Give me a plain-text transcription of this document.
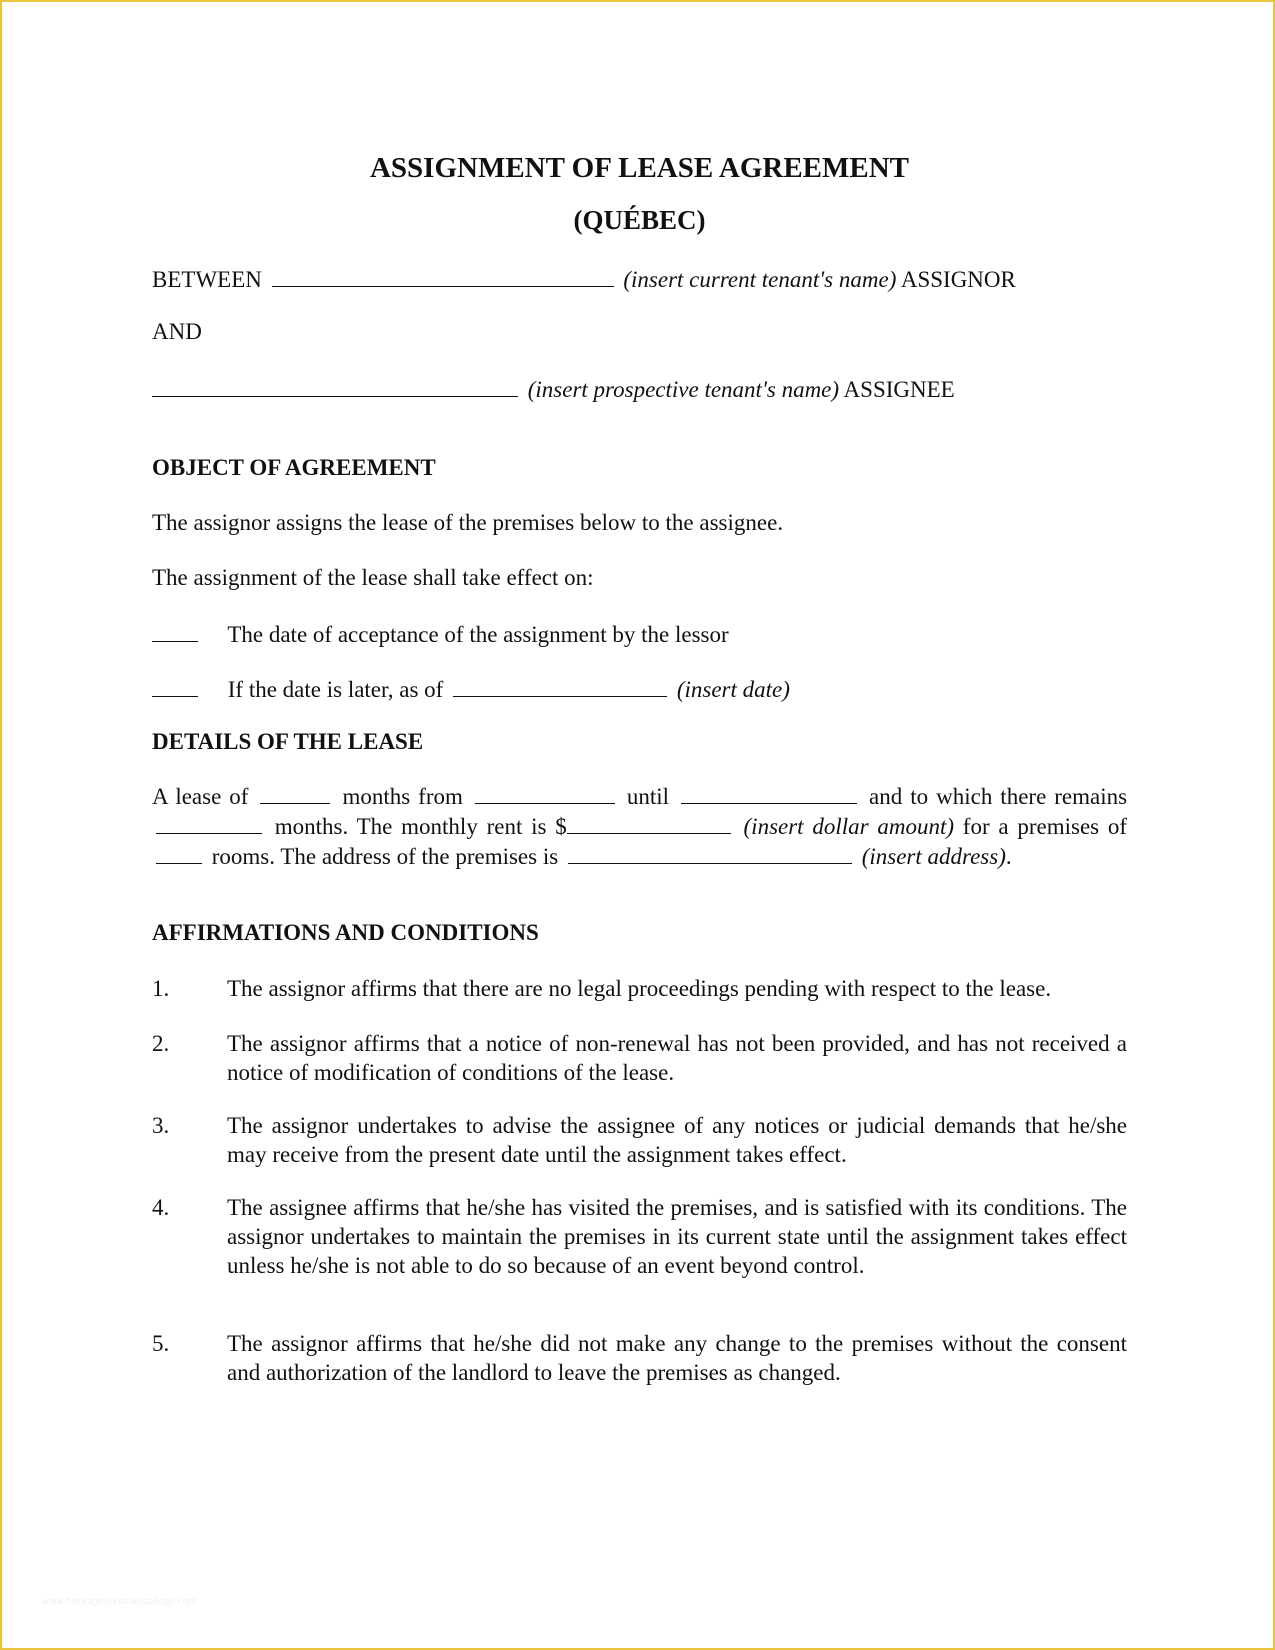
ASSIGNMENT OF LEASE AGREEMENT
(QUÉBEC)
BETWEEN	(insert current tenant's name) ASSIGNOR
AND
(insert prospective tenant's name) ASSIGNEE
OBJECT OF AGREEMENT
The assignor assigns the lease of the premises below to the assignee.
The assignment of the lease shall take effect on:
The date of acceptance of the assignment by the lessor
If the date is later, as of	(insert date)
DETAILS OF THE LEASE
A lease of	months from	until	and to which there remains  months. The monthly rent is $	(insert dollar amount) for a premises of  rooms. The address of the premises is	(insert address).
AFFIRMATIONS AND CONDITIONS
1.	The assignor affirms that there are no legal proceedings pending with respect to the lease.
2.	The assignor affirms that a notice of non-renewal has not been provided, and has not received a notice of modification of conditions of the lease.
3.	The assignor undertakes to advise the assignee of any notices or judicial demands that he/she may receive from the present date until the assignment takes effect.
4.	The assignee affirms that he/she has visited the premises, and is satisfied with its conditions. The assignor undertakes to maintain the premises in its current state until the assignment takes effect unless he/she is not able to do so because of an event beyond control.
5.	The assignor affirms that he/she did not make any change to the premises without the consent and authorization of the landlord to leave the premises as changed.
www.heritagechristiancollege.com
